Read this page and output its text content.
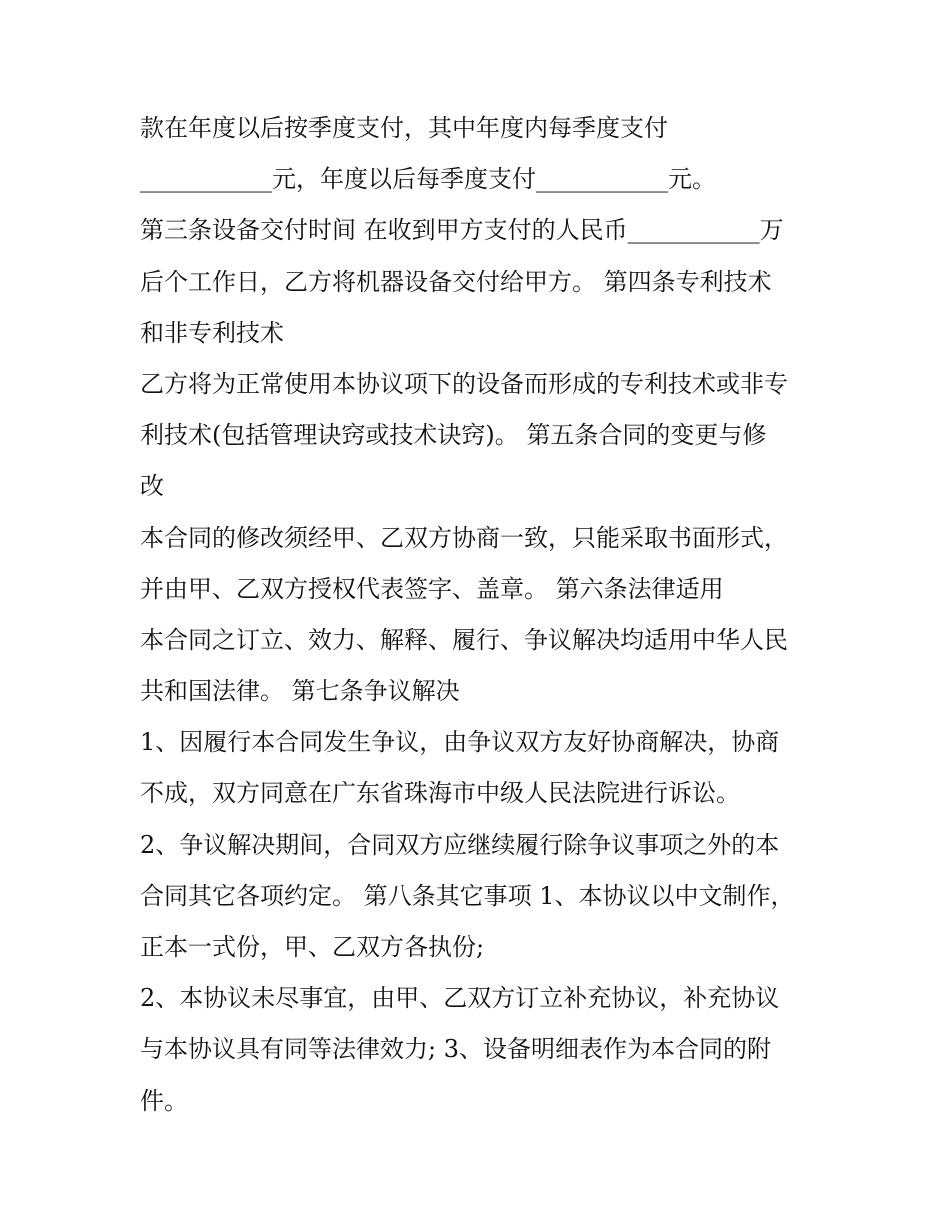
款在年度以后按季度支付，其中年度内每季度支付
___________元，年度以后每季度支付___________元。
第三条设备交付时间 在收到甲方支付的人民币___________万
后个工作日，乙方将机器设备交付给甲方。 第四条专利技术
和非专利技术
乙方将为正常使用本协议项下的设备而形成的专利技术或非专
利技术(包括管理诀窍或技术诀窍)。 第五条合同的变更与修
改
本合同的修改须经甲、乙双方协商一致，只能采取书面形式，
并由甲、乙双方授权代表签字、盖章。 第六条法律适用
本合同之订立、效力、解释、履行、争议解决均适用中华人民
共和国法律。 第七条争议解决
1、因履行本合同发生争议，由争议双方友好协商解决，协商
不成，双方同意在广东省珠海市中级人民法院进行诉讼。
2、争议解决期间，合同双方应继续履行除争议事项之外的本
合同其它各项约定。 第八条其它事项 1、本协议以中文制作，
正本一式份，甲、乙双方各执份;
2、本协议未尽事宜，由甲、乙双方订立补充协议，补充协议
与本协议具有同等法律效力; 3、设备明细表作为本合同的附
件。
